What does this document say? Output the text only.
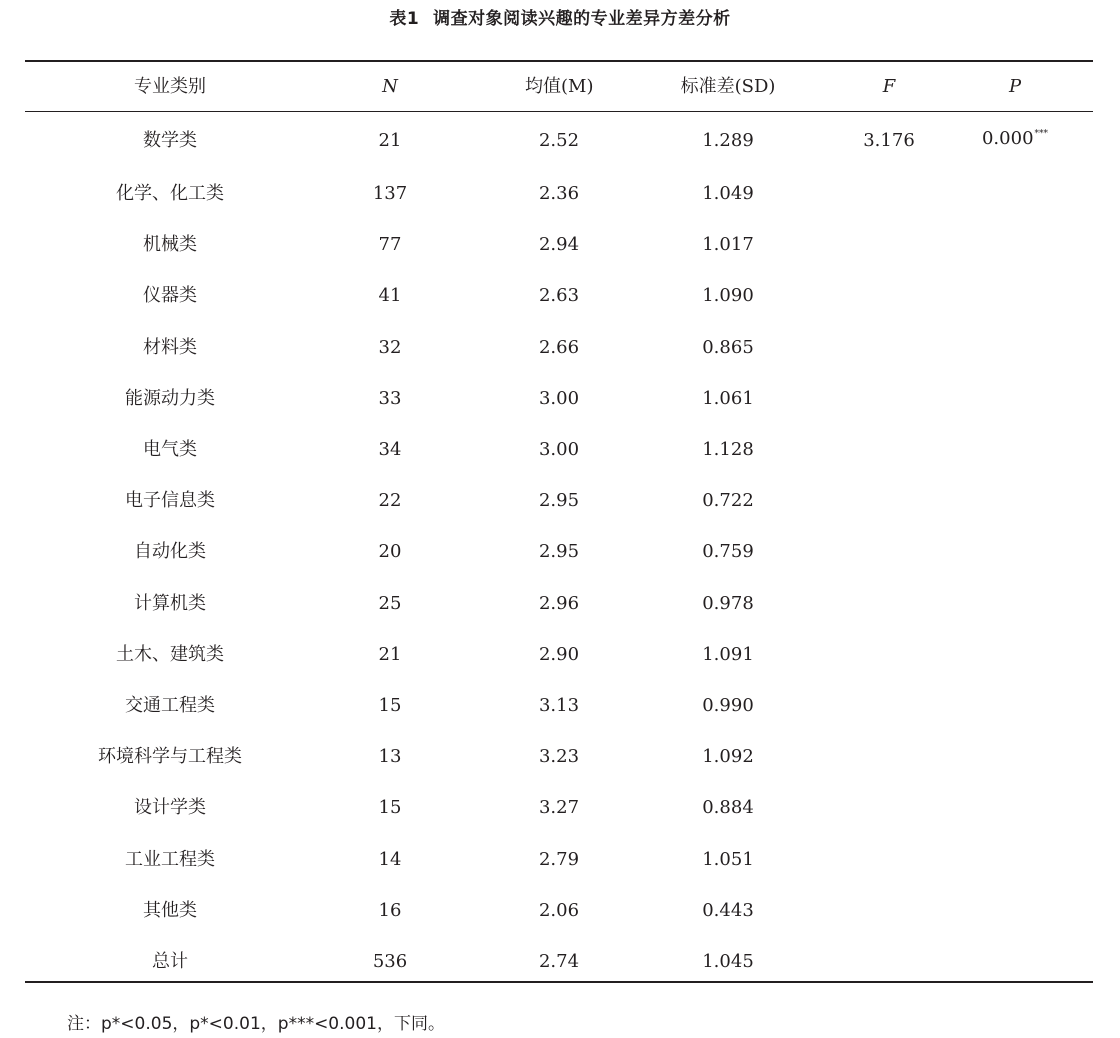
表1 调查对象阅读兴趣的专业差异方差分析
专业类别	N	均值(M)	标准差(SD)	F	P
数学类	21	2.52	1.289	3.176	0.000***
化学、化工类	137	2.36	1.049		
机械类	77	2.94	1.017		
仪器类	41	2.63	1.090		
材料类	32	2.66	0.865		
能源动力类	33	3.00	1.061		
电气类	34	3.00	1.128		
电子信息类	22	2.95	0.722		
自动化类	20	2.95	0.759		
计算机类	25	2.96	0.978		
土木、建筑类	21	2.90	1.091		
交通工程类	15	3.13	0.990		
环境科学与工程类	13	3.23	1.092		
设计学类	15	3.27	0.884		
工业工程类	14	2.79	1.051		
其他类	16	2.06	0.443		
总计	536	2.74	1.045		
注：p*<0.05，p*<0.01，p***<0.001，下同。
